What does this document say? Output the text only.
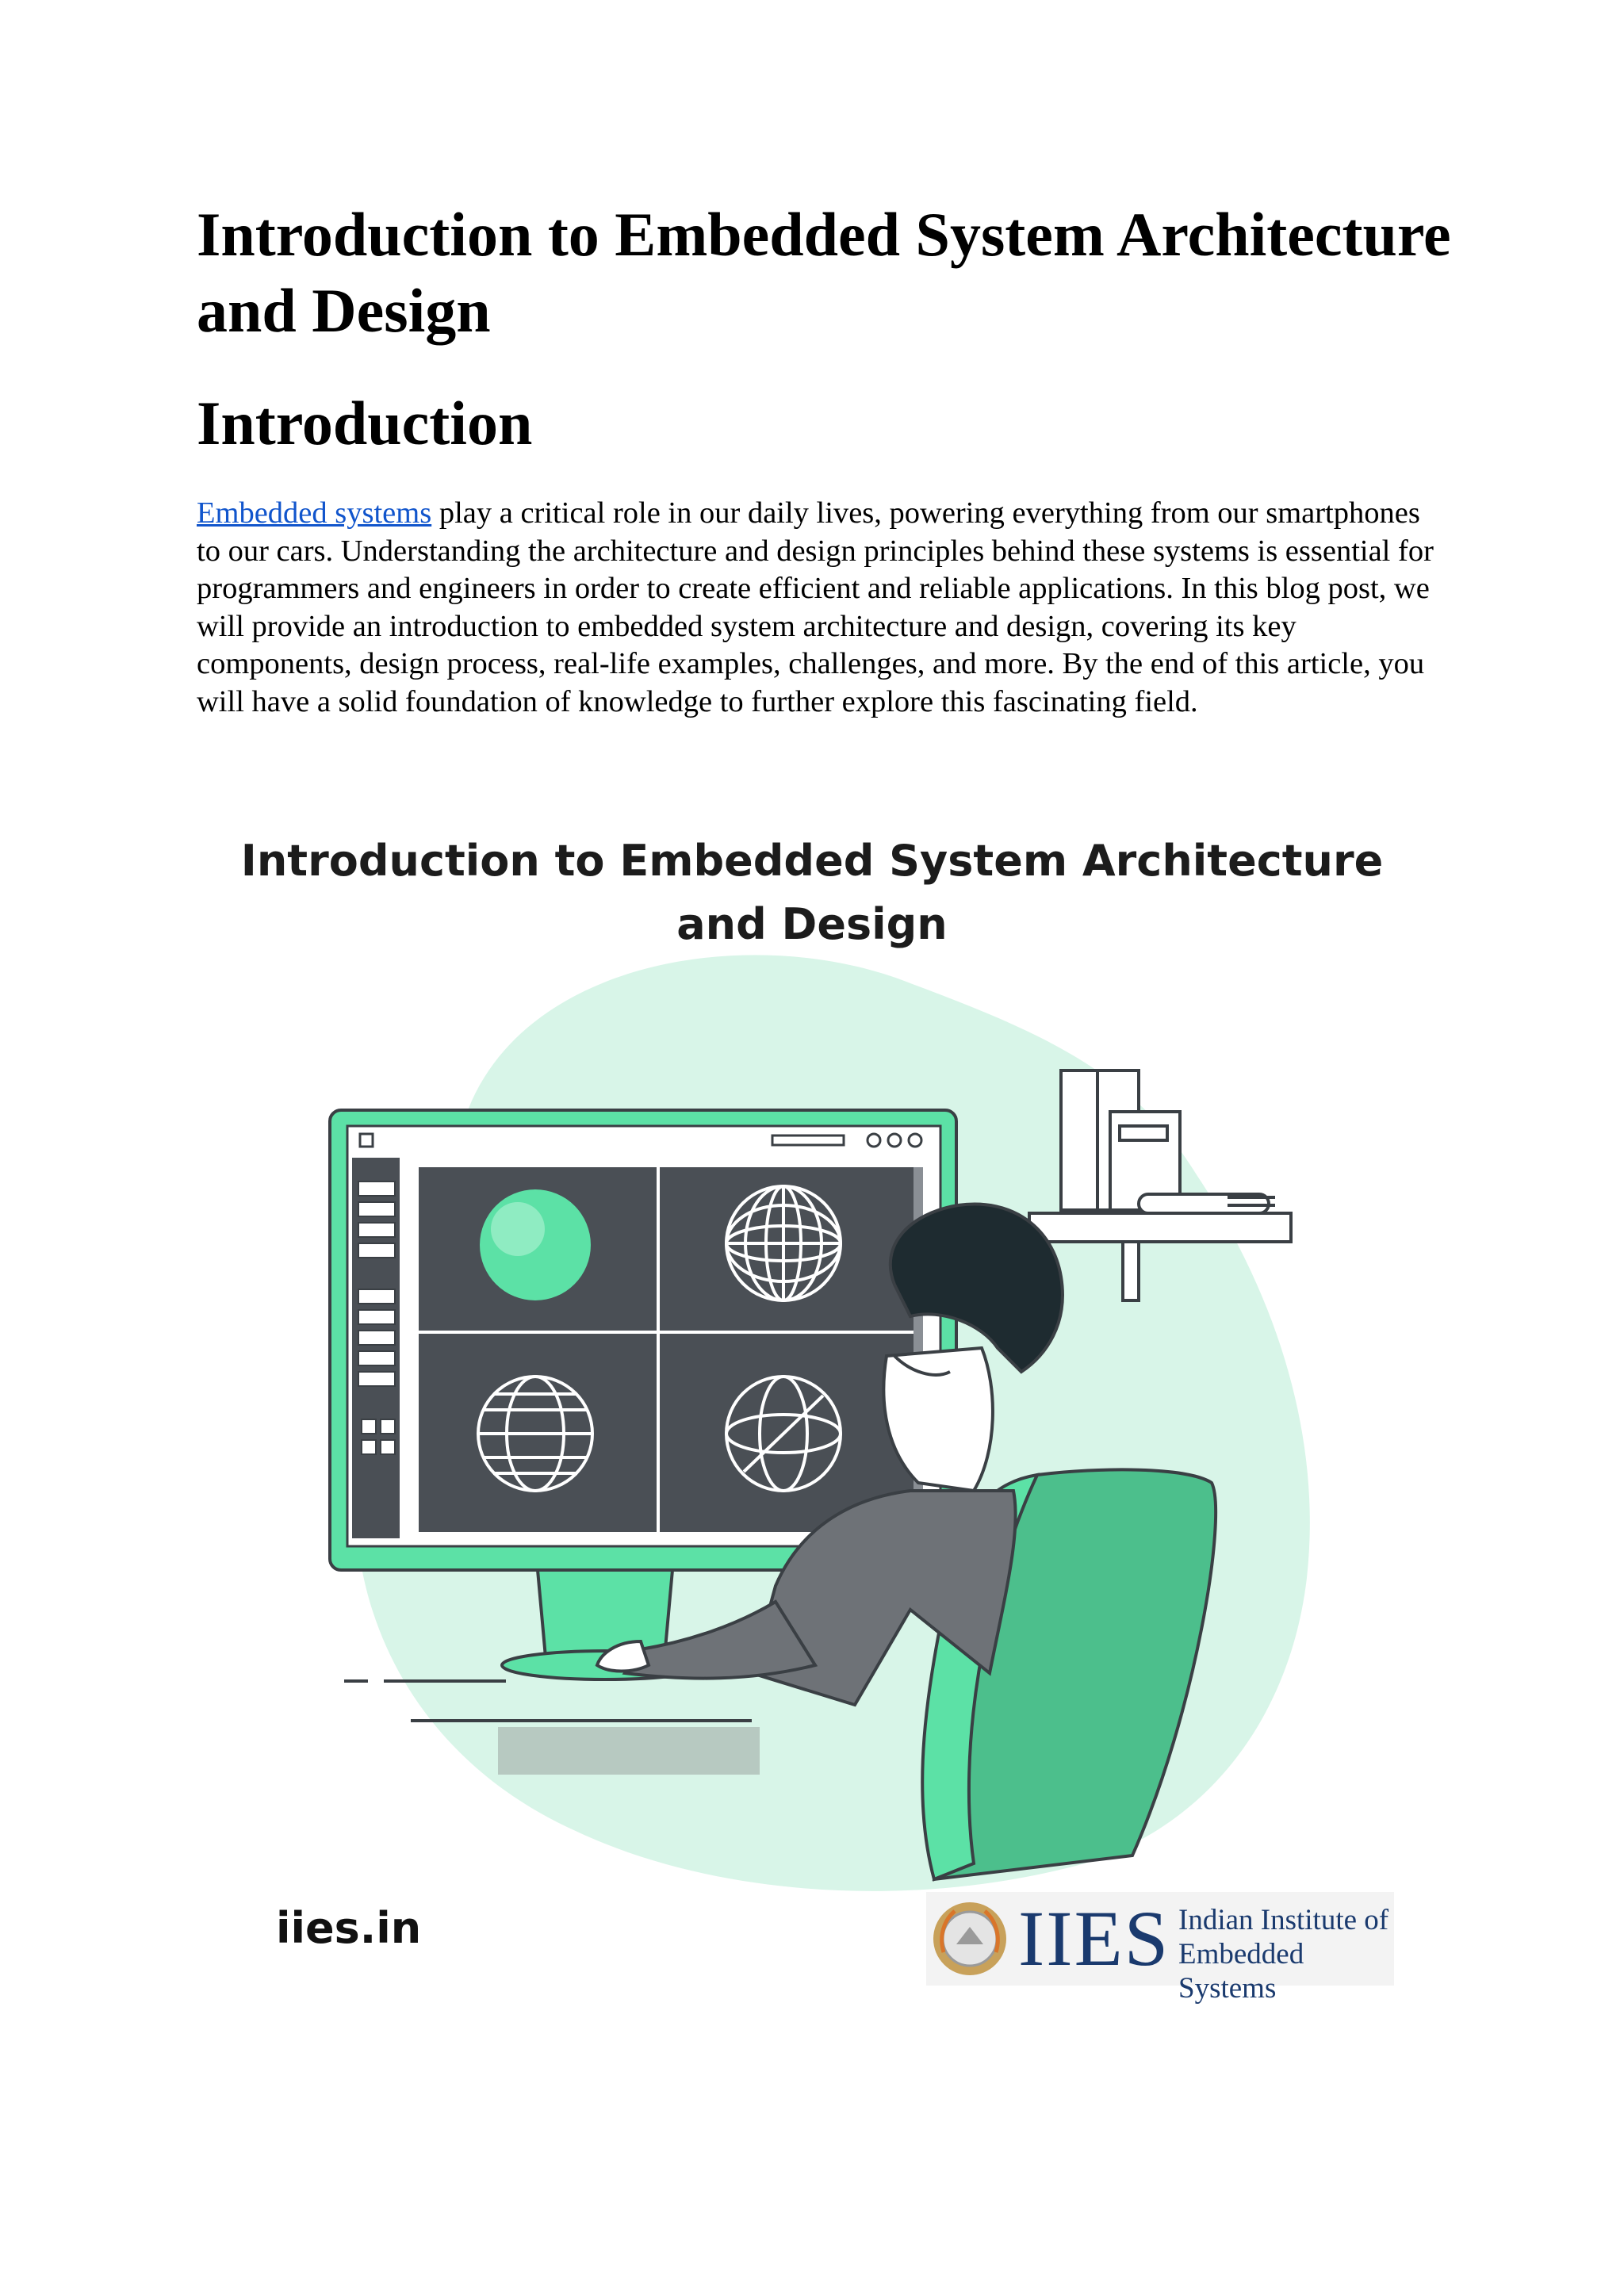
Introduction to Embedded System Architecture and Design
Introduction

Embedded systems play a critical role in our daily lives, powering everything from our smartphones to our cars. Understanding the architecture and design principles behind these systems is essential for programmers and engineers in order to create efficient and reliable applications. In this blog post, we will provide an introduction to embedded system architecture and design, covering its key components, design process, real-life examples, challenges, and more. By the end of this article, you will have a solid foundation of knowledge to further explore this fascinating field.

Introduction to Embedded System Architecture and Design

iies.in	IIES Indian Institute of Embedded Systems
